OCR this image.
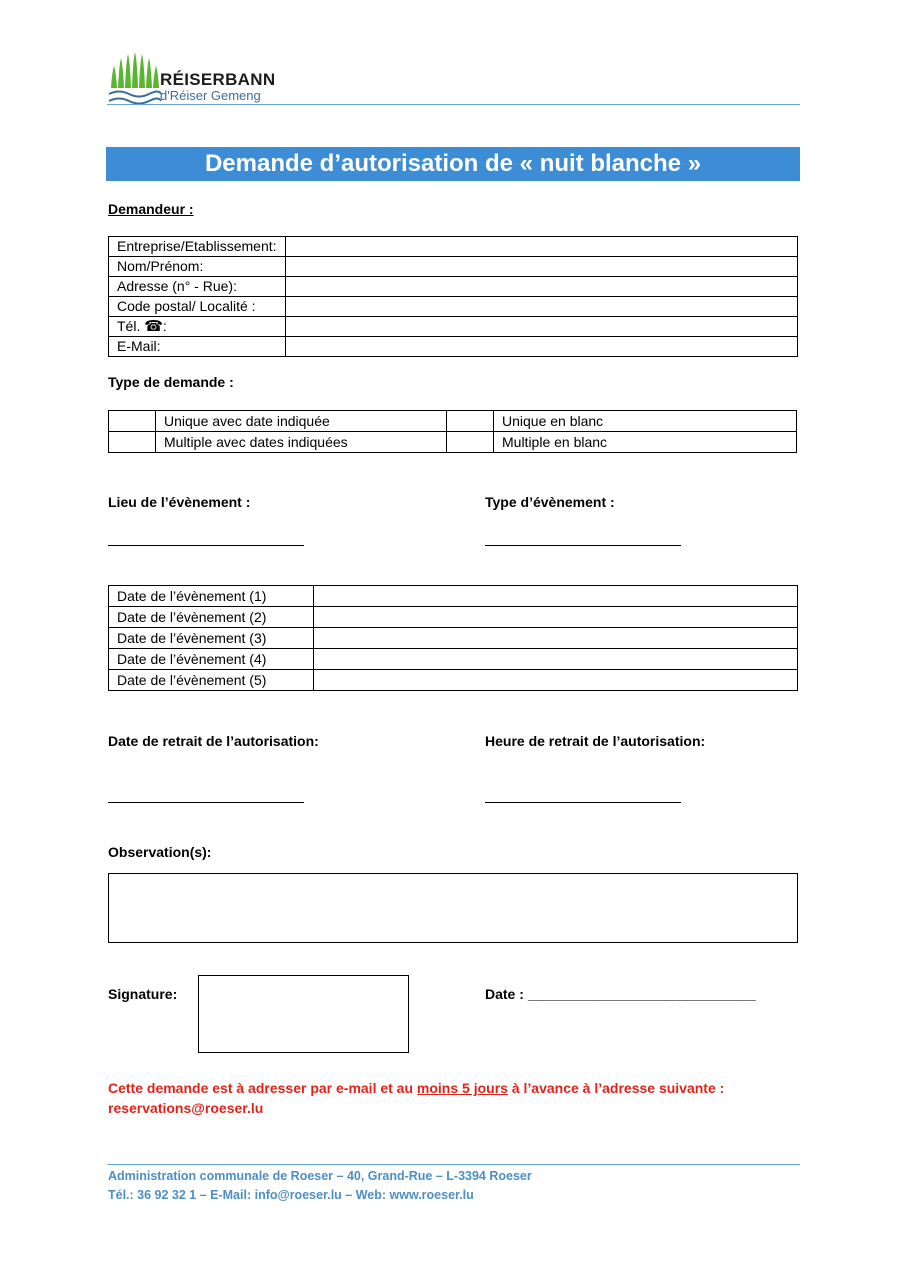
RÉISERBANN
d'Réiser Gemeng
Demande d’autorisation de « nuit blanche »
Demandeur :
Entreprise/Etablissement:	
Nom/Prénom:	
Adresse (n° - Rue):	
Code postal/ Localité :	
Tél. ☎:	
E-Mail:	
Type de demande :
	Unique avec date indiquée		Unique en blanc
	Multiple avec dates indiquées		Multiple en blanc
Lieu de l’évènement :	Type d’évènement :
Date de l’évènement (1)	
Date de l’évènement (2)	
Date de l’évènement (3)	
Date de l’évènement (4)	
Date de l’évènement (5)	
Date de retrait de l’autorisation:	Heure de retrait de l’autorisation:
Observation(s):
Signature:	Date : ______________________________
Cette demande est à adresser par e-mail et au moins 5 jours à l’avance à l’adresse suivante :
reservations@roeser.lu
Administration communale de Roeser – 40, Grand-Rue – L-3394 Roeser
Tél.: 36 92 32 1 – E-Mail: info@roeser.lu – Web: www.roeser.lu
